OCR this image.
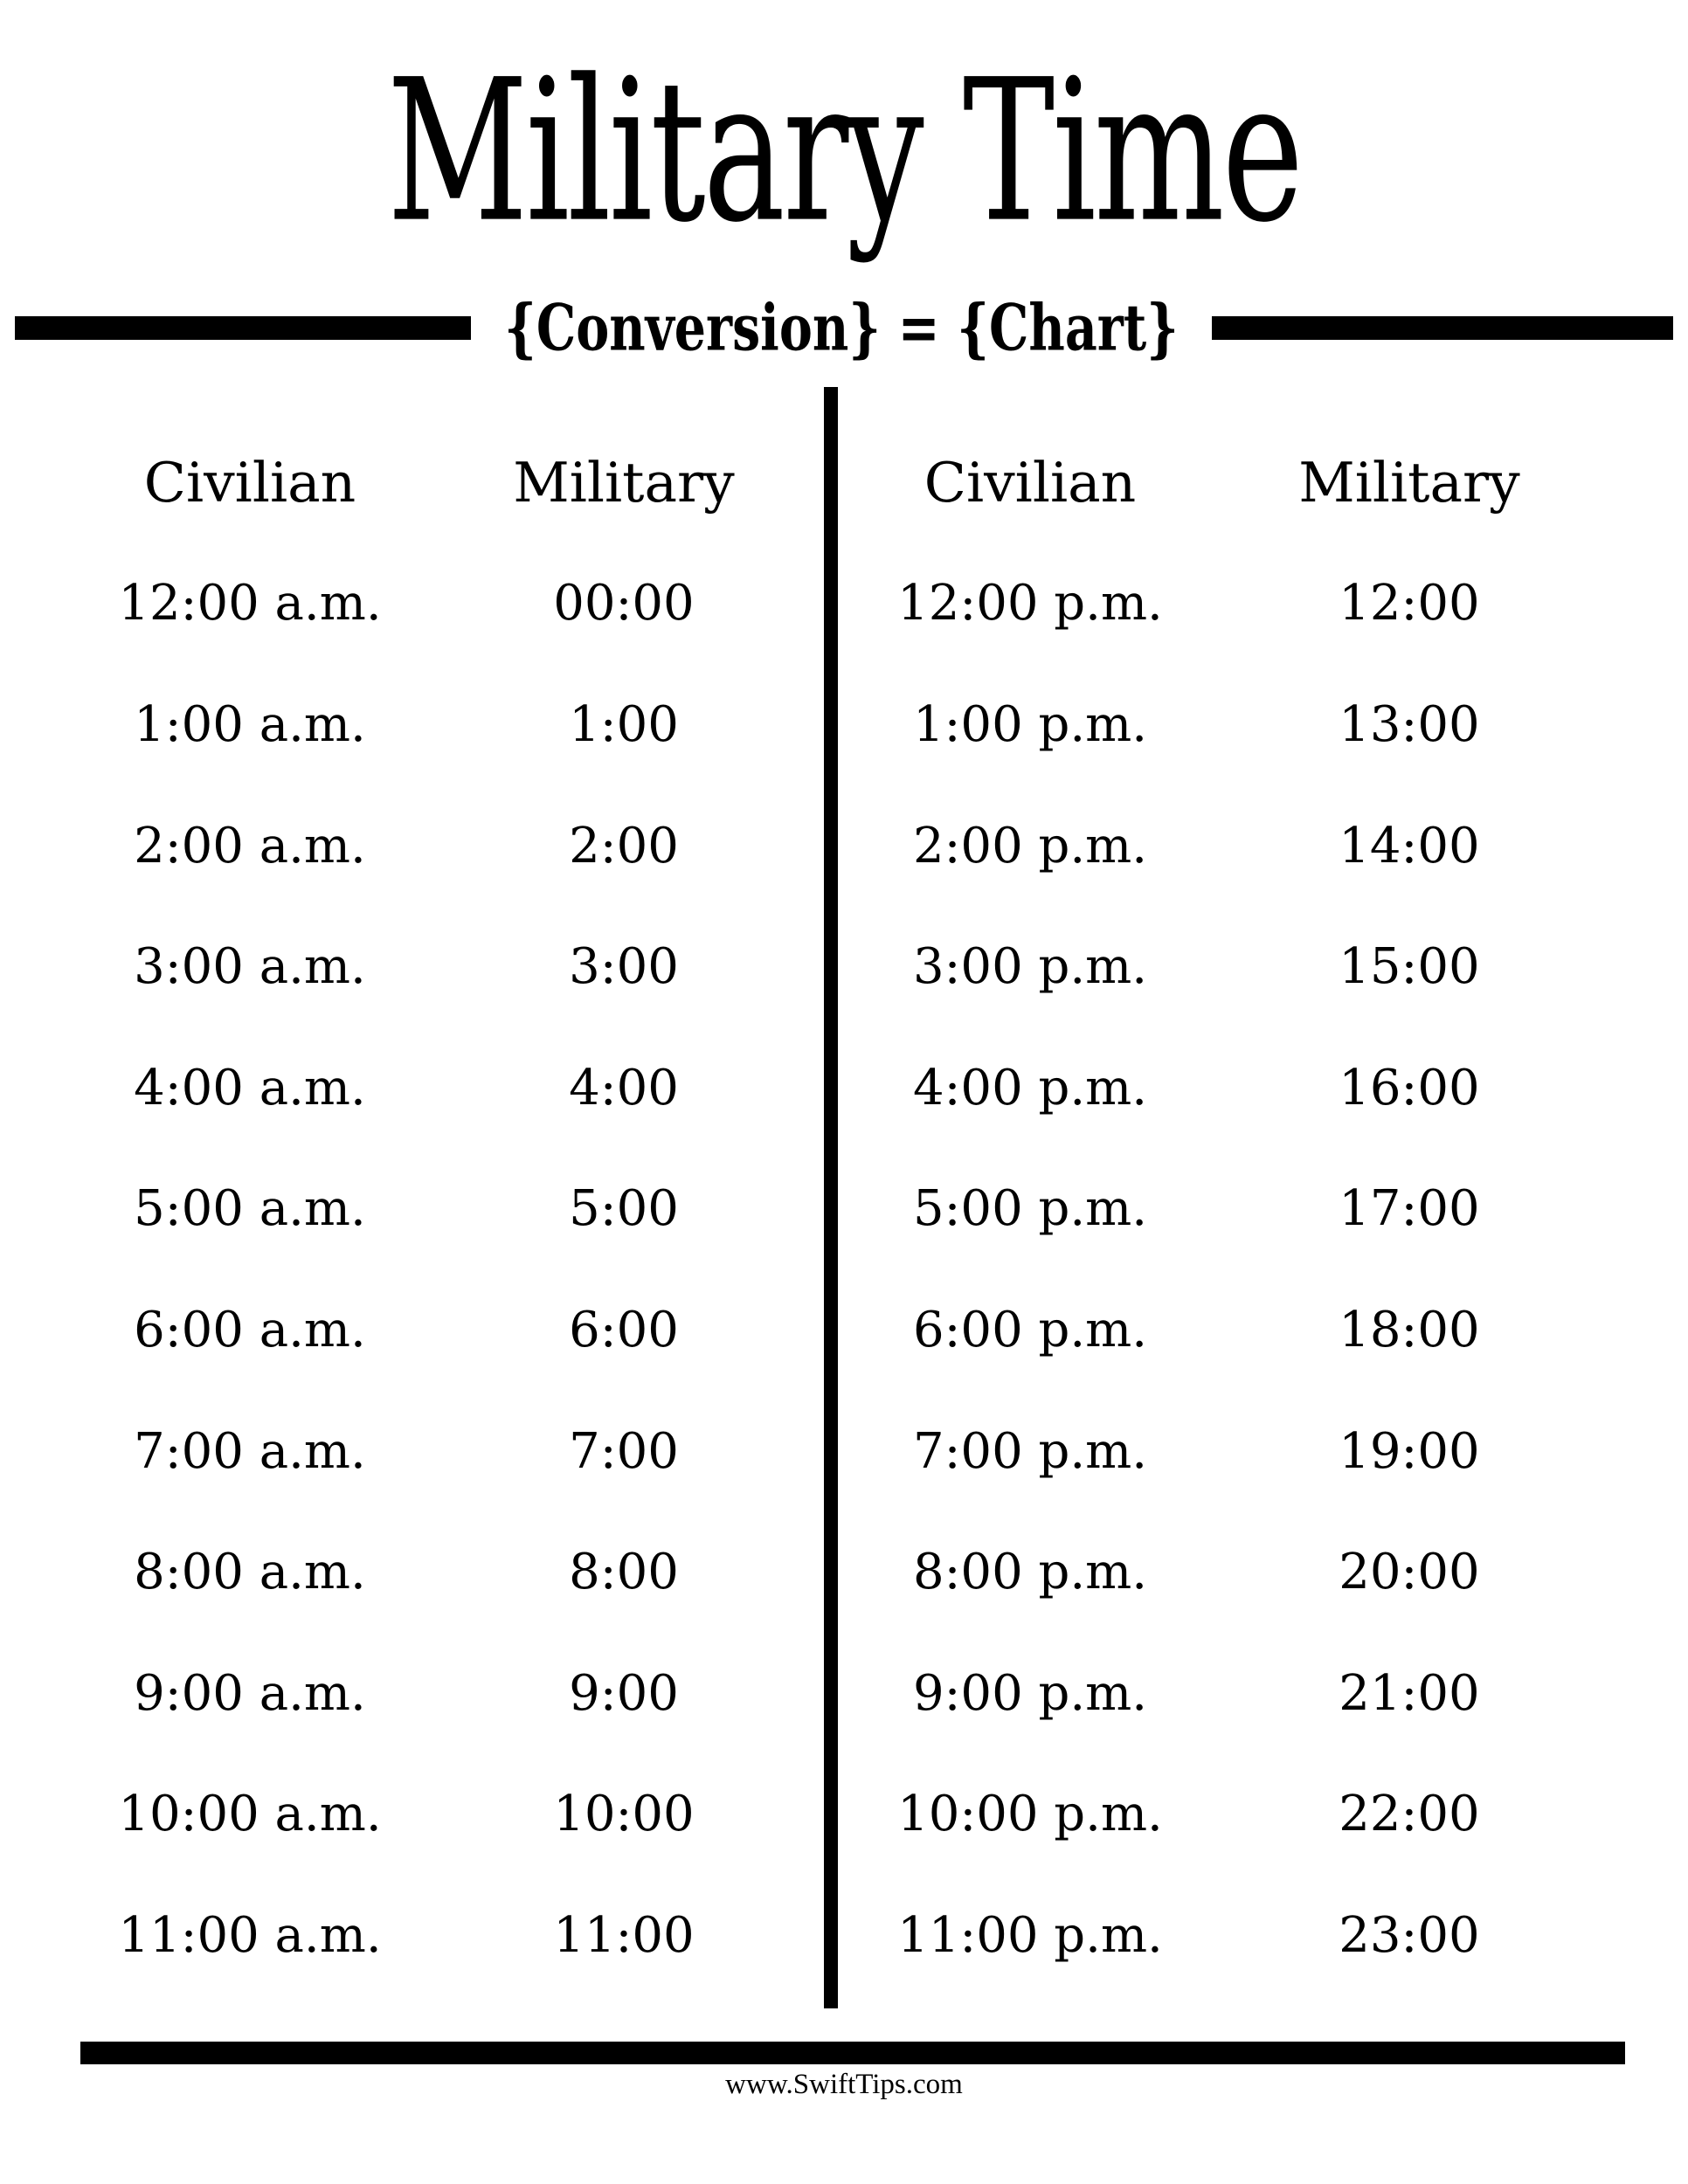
Military Time
{Conversion} = {Chart}
Civilian	Military
12:00 a.m.	00:00
1:00 a.m.	1:00
2:00 a.m.	2:00
3:00 a.m.	3:00
4:00 a.m.	4:00
5:00 a.m.	5:00
6:00 a.m.	6:00
7:00 a.m.	7:00
8:00 a.m.	8:00
9:00 a.m.	9:00
10:00 a.m.	10:00
11:00 a.m.	11:00
Civilian	Military
12:00 p.m.	12:00
1:00 p.m.	13:00
2:00 p.m.	14:00
3:00 p.m.	15:00
4:00 p.m.	16:00
5:00 p.m.	17:00
6:00 p.m.	18:00
7:00 p.m.	19:00
8:00 p.m.	20:00
9:00 p.m.	21:00
10:00 p.m.	22:00
11:00 p.m.	23:00
www.SwiftTips.com
